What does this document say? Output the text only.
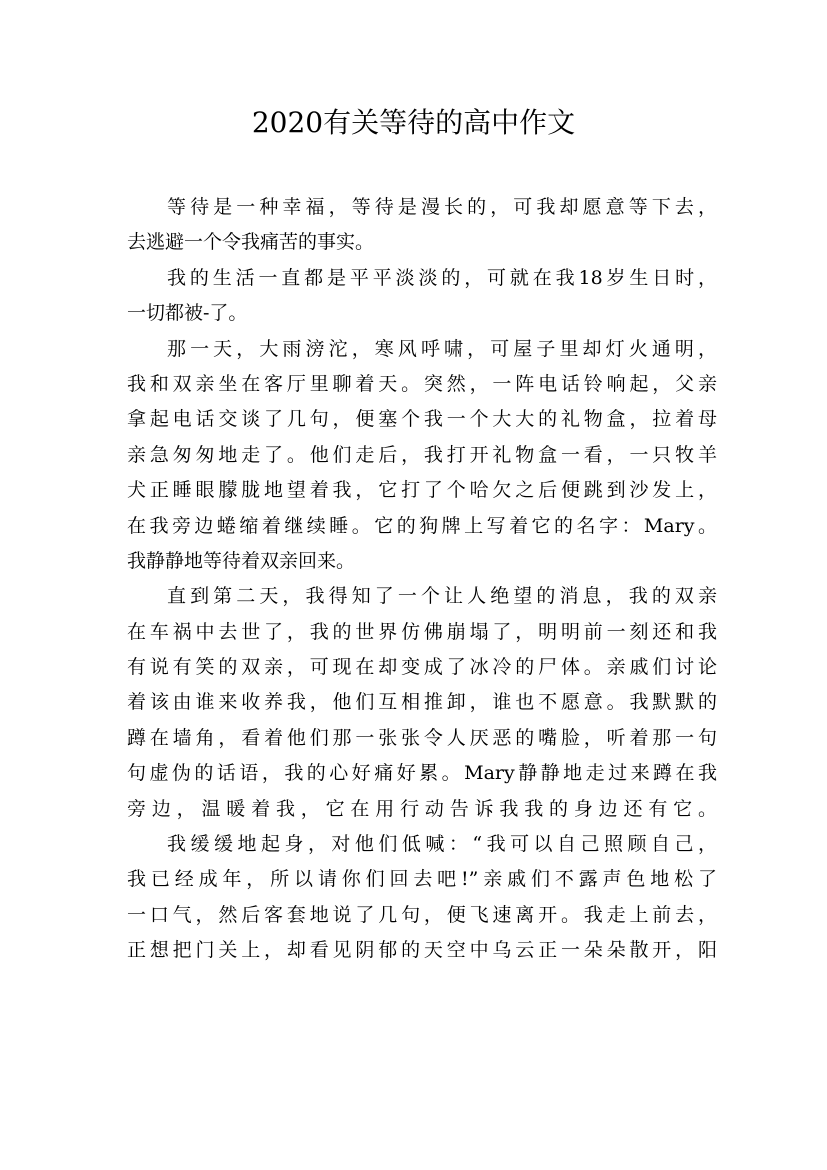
2020有关等待的高中作文
等待是一种幸福，等待是漫长的，可我却愿意等下去，
去逃避一个令我痛苦的事实。
我的生活一直都是平平淡淡的，可就在我18岁生日时，
一切都被-了。
那一天，大雨滂沱，寒风呼啸，可屋子里却灯火通明，
我和双亲坐在客厅里聊着天。突然，一阵电话铃响起，父亲
拿起电话交谈了几句，便塞个我一个大大的礼物盒，拉着母
亲急匆匆地走了。他们走后，我打开礼物盒一看，一只牧羊
犬正睡眼朦胧地望着我，它打了个哈欠之后便跳到沙发上，
在我旁边蜷缩着继续睡。它的狗牌上写着它的名字：Mary。
我静静地等待着双亲回来。
直到第二天，我得知了一个让人绝望的消息，我的双亲
在车祸中去世了，我的世界仿佛崩塌了，明明前一刻还和我
有说有笑的双亲，可现在却变成了冰冷的尸体。亲戚们讨论
着该由谁来收养我，他们互相推卸，谁也不愿意。我默默的
蹲在墙角，看着他们那一张张令人厌恶的嘴脸，听着那一句
句虚伪的话语，我的心好痛好累。Mary静静地走过来蹲在我
旁边，温暖着我，它在用行动告诉我我的身边还有它。
我缓缓地起身，对他们低喊：“我可以自己照顾自己，
我已经成年，所以请你们回去吧!”亲戚们不露声色地松了
一口气，然后客套地说了几句，便飞速离开。我走上前去，
正想把门关上，却看见阴郁的天空中乌云正一朵朵散开，阳
